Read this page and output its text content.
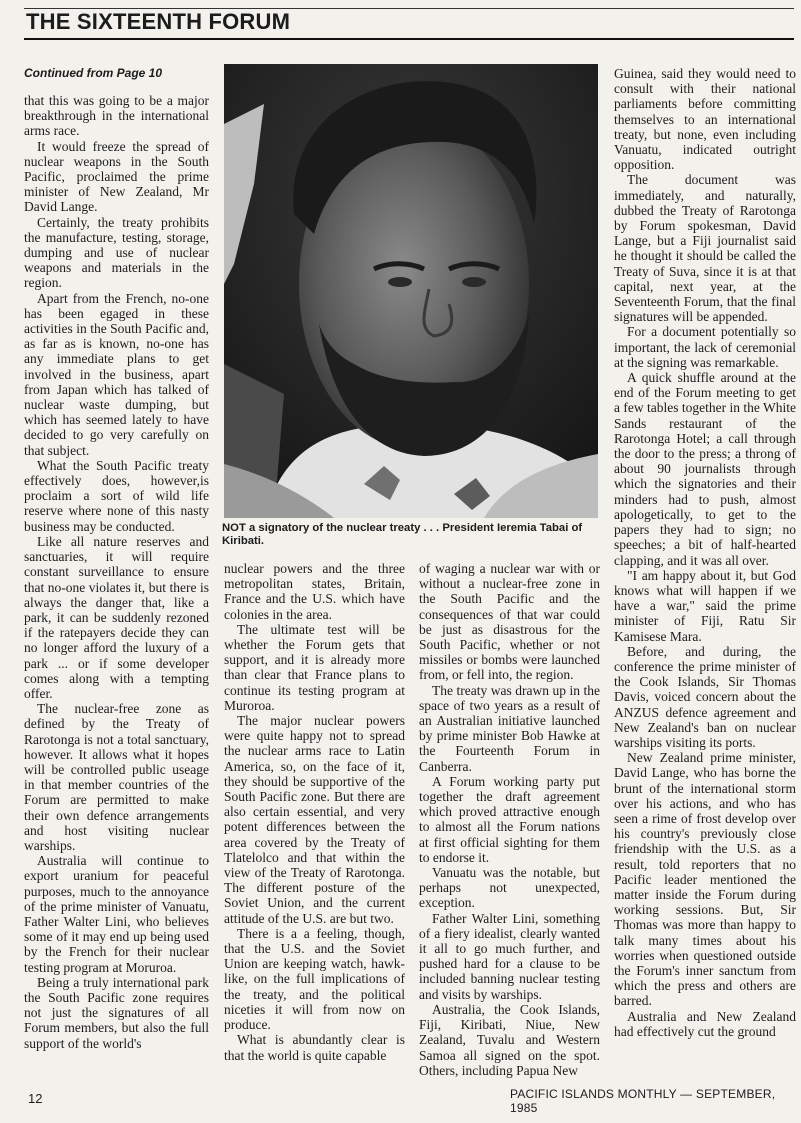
THE SIXTEENTH FORUM
Continued from Page 10

that this was going to be a major breakthrough in the international arms race.

It would freeze the spread of nuclear weapons in the South Pacific, proclaimed the prime minister of New Zealand, Mr David Lange.

Certainly, the treaty prohibits the manufacture, testing, storage, dumping and use of nuclear weapons and materials in the region.

Apart from the French, no-one has been egaged in these activities in the South Pacific and, as far as is known, no-one has any immediate plans to get involved in the business, apart from Japan which has talked of nuclear waste dumping, but which has seemed lately to have decided to go very carefully on that subject.

What the South Pacific treaty effectively does, however,is proclaim a sort of wild life reserve where none of this nasty business may be conducted.

Like all nature reserves and sanctuaries, it will require constant surveillance to ensure that no-one violates it, but there is always the danger that, like a park, it can be suddenly rezoned if the ratepayers decide they can no longer afford the luxury of a park ... or if some developer comes along with a tempting offer.

The nuclear-free zone as defined by the Treaty of Rarotonga is not a total sanctuary, however. It allows what it hopes will be controlled public useage in that member countries of the Forum are permitted to make their own defence arrangements and host visiting nuclear warships.

Australia will continue to export uranium for peaceful purposes, much to the annoyance of the prime minister of Vanuatu, Father Walter Lini, who believes some of it may end up being used by the French for their nuclear testing program at Moruroa.

Being a truly international park the South Pacific zone requires not just the signatures of all Forum members, but also the full support of the world's

NOT a signatory of the nuclear treaty . . . President Ieremia Tabai of Kiribati.

nuclear powers and the three metropolitan states, Britain, France and the U.S. which have colonies in the area.

The ultimate test will be whether the Forum gets that support, and it is already more than clear that France plans to continue its testing program at Muroroa.

The major nuclear powers were quite happy not to spread the nuclear arms race to Latin America, so, on the face of it, they should be supportive of the South Pacific zone. But there are also certain essential, and very potent differences between the area covered by the Treaty of Tlatelolco and that within the view of the Treaty of Rarotonga. The different posture of the Soviet Union, and the current attitude of the U.S. are but two.

There is a a feeling, though, that the U.S. and the Soviet Union are keeping watch, hawk-like, on the full implications of the treaty, and the political niceties it will from now on produce.

What is abundantly clear is that the world is quite capable

of waging a nuclear war with or without a nuclear-free zone in the South Pacific and the consequences of that war could be just as disastrous for the South Pacific, whether or not missiles or bombs were launched from, or fell into, the region.

The treaty was drawn up in the space of two years as a result of an Australian initiative launched by prime minister Bob Hawke at the Fourteenth Forum in Canberra.

A Forum working party put together the draft agreement which proved attractive enough to almost all the Forum nations at first official sighting for them to endorse it.

Vanuatu was the notable, but perhaps not unexpected, exception.

Father Walter Lini, something of a fiery idealist, clearly wanted it all to go much further, and pushed hard for a clause to be included banning nuclear testing and visits by warships.

Australia, the Cook Islands, Fiji, Kiribati, Niue, New Zealand, Tuvalu and Western Samoa all signed on the spot. Others, including Papua New

Guinea, said they would need to consult with their national parliaments before committing themselves to an international treaty, but none, even including Vanuatu, indicated outright opposition.

The document was immediately, and naturally, dubbed the Treaty of Rarotonga by Forum spokesman, David Lange, but a Fiji journalist said he thought it should be called the Treaty of Suva, since it is at that capital, next year, at the Seventeenth Forum, that the final signatures will be appended.

For a document potentially so important, the lack of ceremonial at the signing was remarkable.

A quick shuffle around at the end of the Forum meeting to get a few tables together in the White Sands restaurant of the Rarotonga Hotel; a call through the door to the press; a throng of about 90 journalists through which the signatories and their minders had to push, almost apologetically, to get to the papers they had to sign; no speeches; a bit of half-hearted clapping, and it was all over.

"I am happy about it, but God knows what will happen if we have a war," said the prime minister of Fiji, Ratu Sir Kamisese Mara.

Before, and during, the conference the prime minister of the Cook Islands, Sir Thomas Davis, voiced concern about the ANZUS defence agreement and New Zealand's ban on nuclear warships visiting its ports.

New Zealand prime minister, David Lange, who has borne the brunt of the international storm over his actions, and who has seen a rime of frost develop over his country's previously close friendship with the U.S. as a result, told reporters that no Pacific leader mentioned the matter inside the Forum during working sessions. But, Sir Thomas was more than happy to talk many times about his worries when questioned outside the Forum's inner sanctum from which the press and others are barred.

Australia and New Zealand had effectively cut the ground

12	PACIFIC ISLANDS MONTHLY — SEPTEMBER, 1985
